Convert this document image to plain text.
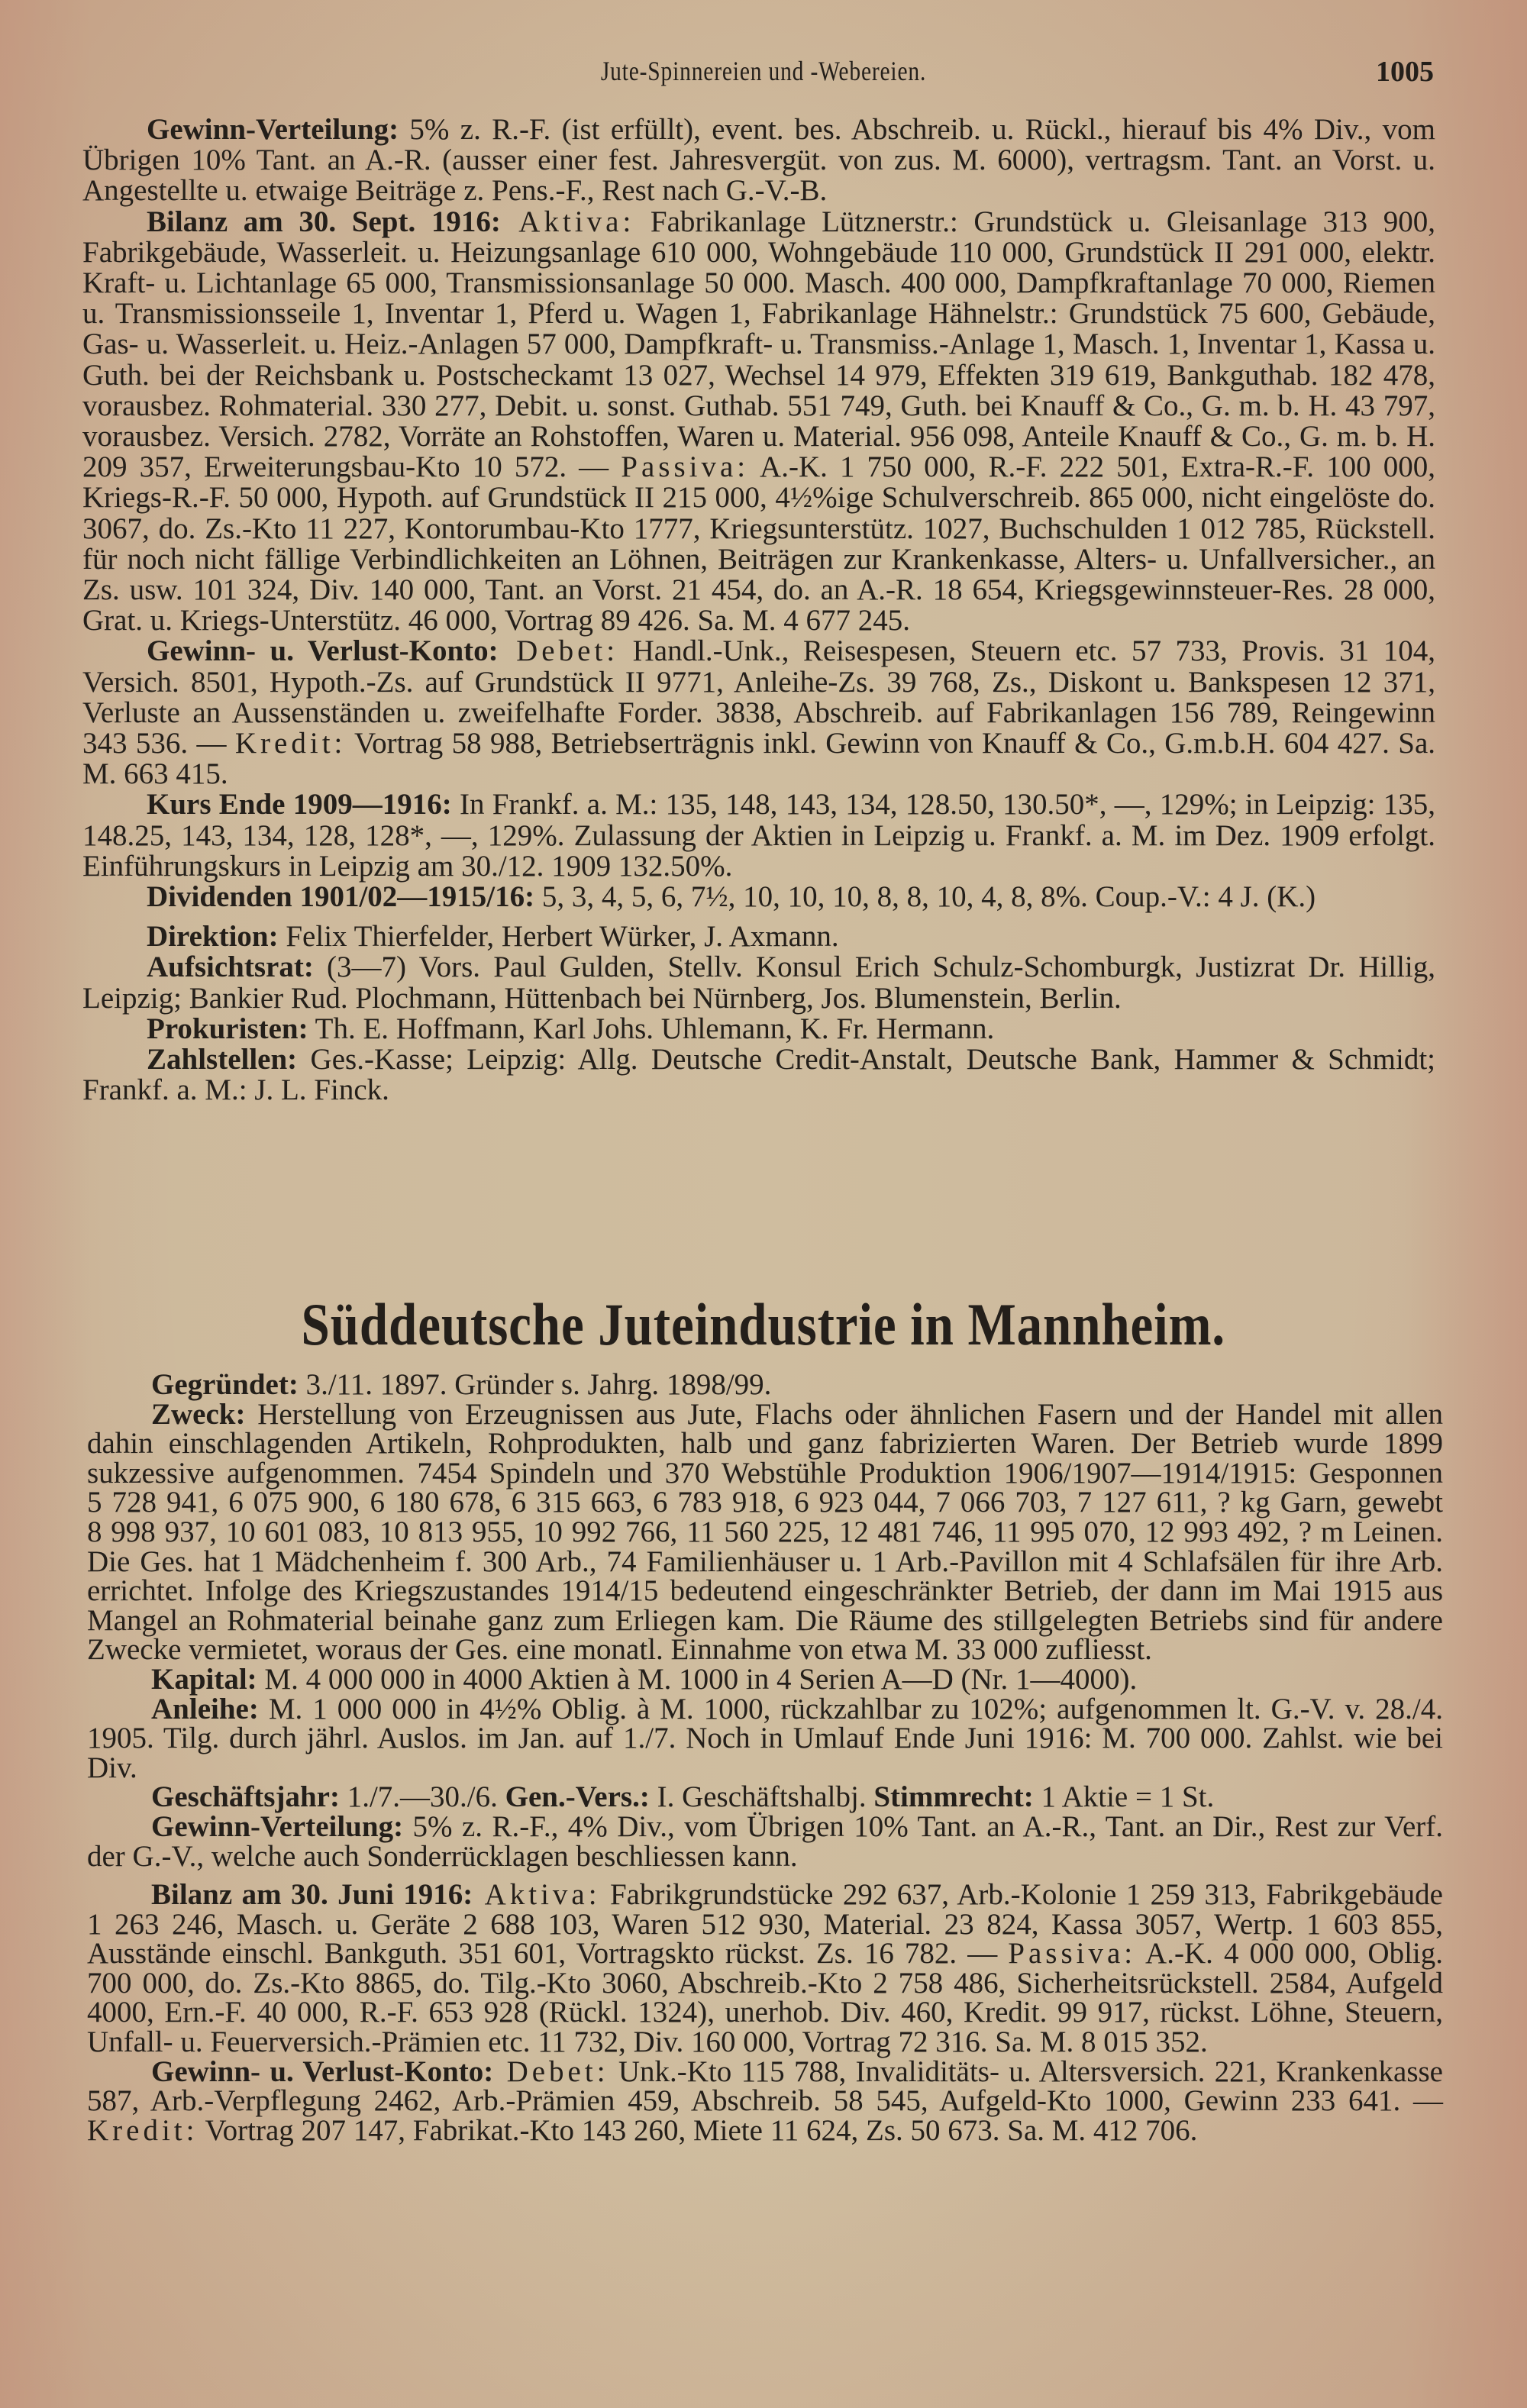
Jute-Spinnereien und -Webereien.	1005

Gewinn-Verteilung: 5% z. R.-F. (ist erfüllt), event. bes. Abschreib. u. Rückl., hierauf bis 4% Div., vom Übrigen 10% Tant. an A.-R. (ausser einer fest. Jahresvergüt. von zus. M. 6000), vertragsm. Tant. an Vorst. u. Angestellte u. etwaige Beiträge z. Pens.-F., Rest nach G.-V.-B.

Bilanz am 30. Sept. 1916: Aktiva: Fabrikanlage Lütznerstr.: Grundstück u. Gleisanlage 313 900, Fabrikgebäude, Wasserleit. u. Heizungsanlage 610 000, Wohngebäude 110 000, Grundstück II 291 000, elektr. Kraft- u. Lichtanlage 65 000, Transmissionsanlage 50 000. Masch. 400 000, Dampfkraftanlage 70 000, Riemen u. Transmissionsseile 1, Inventar 1, Pferd u. Wagen 1, Fabrikanlage Hähnelstr.: Grundstück 75 600, Gebäude, Gas- u. Wasserleit. u. Heiz.-Anlagen 57 000, Dampfkraft- u. Transmiss.-Anlage 1, Masch. 1, Inventar 1, Kassa u. Guth. bei der Reichsbank u. Postscheckamt 13 027, Wechsel 14 979, Effekten 319 619, Bankguthab. 182 478, vorausbez. Rohmaterial. 330 277, Debit. u. sonst. Guthab. 551 749, Guth. bei Knauff & Co., G. m. b. H. 43 797, vorausbez. Versich. 2782, Vorräte an Rohstoffen, Waren u. Material. 956 098, Anteile Knauff & Co., G. m. b. H. 209 357, Erweiterungsbau-Kto 10 572. — Passiva: A.-K. 1 750 000, R.-F. 222 501, Extra-R.-F. 100 000, Kriegs-R.-F. 50 000, Hypoth. auf Grundstück II 215 000, 4½%ige Schulverschreib. 865 000, nicht eingelöste do. 3067, do. Zs.-Kto 11 227, Kontorumbau-Kto 1777, Kriegsunterstütz. 1027, Buchschulden 1 012 785, Rückstell. für noch nicht fällige Verbindlichkeiten an Löhnen, Beiträgen zur Krankenkasse, Alters- u. Unfallversicher., an Zs. usw. 101 324, Div. 140 000, Tant. an Vorst. 21 454, do. an A.-R. 18 654, Kriegsgewinnsteuer-Res. 28 000, Grat. u. Kriegs-Unterstütz. 46 000, Vortrag 89 426. Sa. M. 4 677 245.

Gewinn- u. Verlust-Konto: Debet: Handl.-Unk., Reisespesen, Steuern etc. 57 733, Provis. 31 104, Versich. 8501, Hypoth.-Zs. auf Grundstück II 9771, Anleihe-Zs. 39 768, Zs., Diskont u. Bankspesen 12 371, Verluste an Aussenständen u. zweifelhafte Forder. 3838, Abschreib. auf Fabrikanlagen 156 789, Reingewinn 343 536. — Kredit: Vortrag 58 988, Betriebserträgnis inkl. Gewinn von Knauff & Co., G.m.b.H. 604 427. Sa. M. 663 415.

Kurs Ende 1909—1916: In Frankf. a. M.: 135, 148, 143, 134, 128.50, 130.50*, —, 129%; in Leipzig: 135, 148.25, 143, 134, 128, 128*, —, 129%. Zulassung der Aktien in Leipzig u. Frankf. a. M. im Dez. 1909 erfolgt. Einführungskurs in Leipzig am 30./12. 1909 132.50%.

Dividenden 1901/02—1915/16: 5, 3, 4, 5, 6, 7½, 10, 10, 10, 8, 8, 10, 4, 8, 8%. Coup.-V.: 4 J. (K.)

Direktion: Felix Thierfelder, Herbert Würker, J. Axmann.

Aufsichtsrat: (3—7) Vors. Paul Gulden, Stellv. Konsul Erich Schulz-Schomburgk, Justizrat Dr. Hillig, Leipzig; Bankier Rud. Plochmann, Hüttenbach bei Nürnberg, Jos. Blumenstein, Berlin.

Prokuristen: Th. E. Hoffmann, Karl Johs. Uhlemann, K. Fr. Hermann.

Zahlstellen: Ges.-Kasse; Leipzig: Allg. Deutsche Credit-Anstalt, Deutsche Bank, Hammer & Schmidt; Frankf. a. M.: J. L. Finck.

Süddeutsche Juteindustrie in Mannheim.

Gegründet: 3./11. 1897. Gründer s. Jahrg. 1898/99.

Zweck: Herstellung von Erzeugnissen aus Jute, Flachs oder ähnlichen Fasern und der Handel mit allen dahin einschlagenden Artikeln, Rohprodukten, halb und ganz fabrizierten Waren. Der Betrieb wurde 1899 sukzessive aufgenommen. 7454 Spindeln und 370 Webstühle Produktion 1906/1907—1914/1915: Gesponnen 5 728 941, 6 075 900, 6 180 678, 6 315 663, 6 783 918, 6 923 044, 7 066 703, 7 127 611, ? kg Garn, gewebt 8 998 937, 10 601 083, 10 813 955, 10 992 766, 11 560 225, 12 481 746, 11 995 070, 12 993 492, ? m Leinen. Die Ges. hat 1 Mädchenheim f. 300 Arb., 74 Familienhäuser u. 1 Arb.-Pavillon mit 4 Schlafsälen für ihre Arb. errichtet. Infolge des Kriegszustandes 1914/15 bedeutend eingeschränkter Betrieb, der dann im Mai 1915 aus Mangel an Rohmaterial beinahe ganz zum Erliegen kam. Die Räume des stillgelegten Betriebs sind für andere Zwecke vermietet, woraus der Ges. eine monatl. Einnahme von etwa M. 33 000 zufliesst.

Kapital: M. 4 000 000 in 4000 Aktien à M. 1000 in 4 Serien A—D (Nr. 1—4000).

Anleihe: M. 1 000 000 in 4½% Oblig. à M. 1000, rückzahlbar zu 102%; aufgenommen lt. G.-V. v. 28./4. 1905. Tilg. durch jährl. Auslos. im Jan. auf 1./7. Noch in Umlauf Ende Juni 1916: M. 700 000. Zahlst. wie bei Div.

Geschäftsjahr: 1./7.—30./6. Gen.-Vers.: I. Geschäftshalbj. Stimmrecht: 1 Aktie = 1 St.

Gewinn-Verteilung: 5% z. R.-F., 4% Div., vom Übrigen 10% Tant. an A.-R., Tant. an Dir., Rest zur Verf. der G.-V., welche auch Sonderrücklagen beschliessen kann.

Bilanz am 30. Juni 1916: Aktiva: Fabrikgrundstücke 292 637, Arb.-Kolonie 1 259 313, Fabrikgebäude 1 263 246, Masch. u. Geräte 2 688 103, Waren 512 930, Material. 23 824, Kassa 3057, Wertp. 1 603 855, Ausstände einschl. Bankguth. 351 601, Vortragskto rückst. Zs. 16 782. — Passiva: A.-K. 4 000 000, Oblig. 700 000, do. Zs.-Kto 8865, do. Tilg.-Kto 3060, Abschreib.-Kto 2 758 486, Sicherheitsrückstell. 2584, Aufgeld 4000, Ern.-F. 40 000, R.-F. 653 928 (Rückl. 1324), unerhob. Div. 460, Kredit. 99 917, rückst. Löhne, Steuern, Unfall- u. Feuerversich.-Prämien etc. 11 732, Div. 160 000, Vortrag 72 316. Sa. M. 8 015 352.

Gewinn- u. Verlust-Konto: Debet: Unk.-Kto 115 788, Invaliditäts- u. Altersversich. 221, Krankenkasse 587, Arb.-Verpflegung 2462, Arb.-Prämien 459, Abschreib. 58 545, Aufgeld-Kto 1000, Gewinn 233 641. — Kredit: Vortrag 207 147, Fabrikat.-Kto 143 260, Miete 11 624, Zs. 50 673. Sa. M. 412 706.
